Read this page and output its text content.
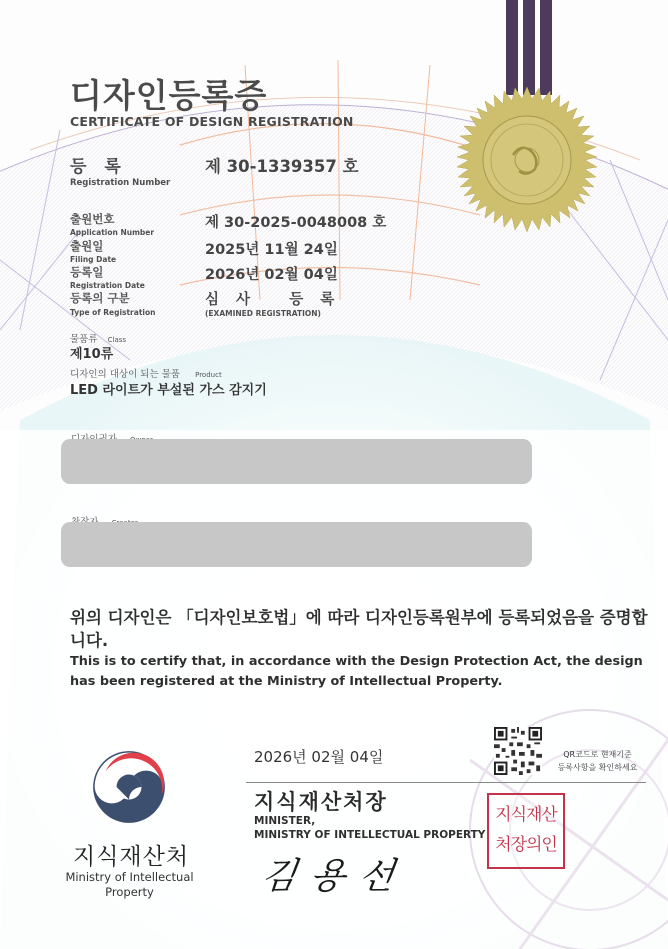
디자인등록증
CERTIFICATE OF DESIGN REGISTRATION
등 록
Registration Number
제 30-1339357 호
출원번호
Application Number
제 30-2025-0048008 호
출원일
Filing Date
2025년 11월 24일
등록일
Registration Date
2026년 02월 04일
등록의 구분
Type of Registration
심 사   등 록
(EXAMINED REGISTRATION)
물품류 Class
제10류
디자인의 대상이 되는 물품 Product
LED 라이트가 부설된 가스 감지기
위의 디자인은 「디자인보호법」에 따라 디자인등록원부에 등록되었음을 증명합니다.
This is to certify that, in accordance with the Design Protection Act, the design has been registered at the Ministry of Intellectual Property.
지식재산처
Ministry of Intellectual Property
2026년 02월 04일	QR코드로 현재기준
등록사항을 확인하세요
지식재산처장
MINISTER,
MINISTRY OF INTELLECTUAL PROPERTY
김용선
지식재산
처장의인
